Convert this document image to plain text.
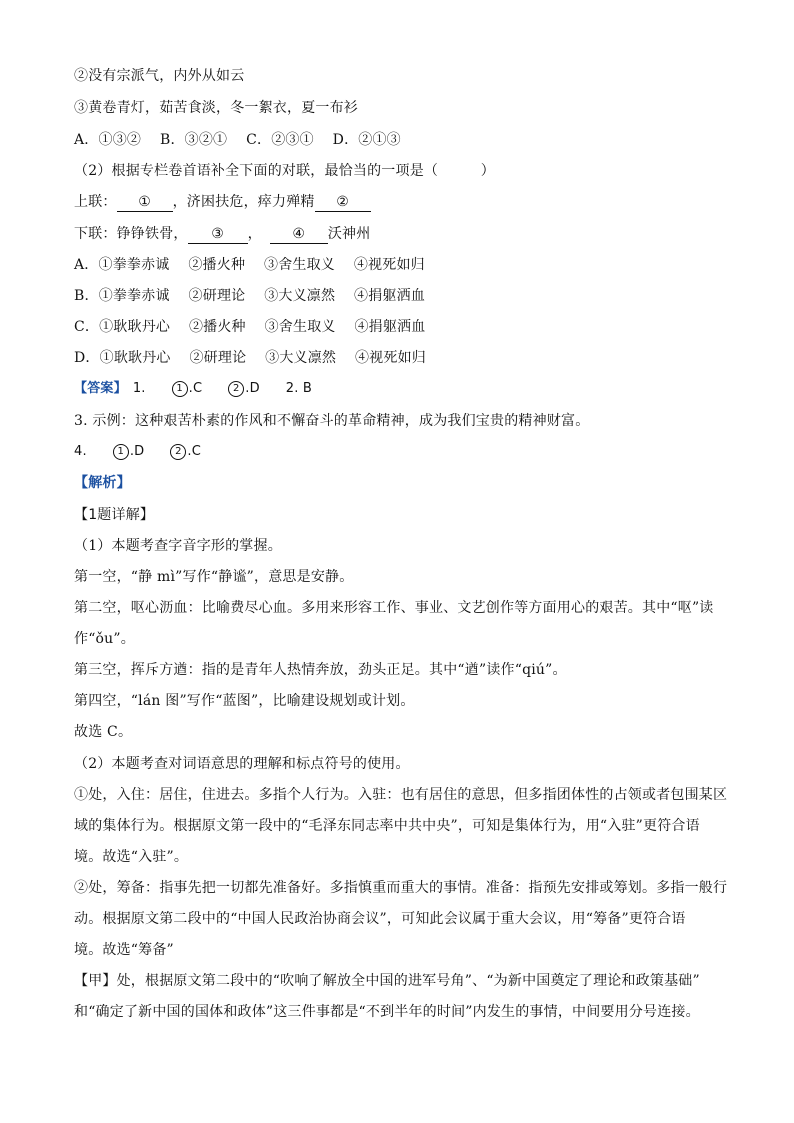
②没有宗派气，内外从如云
③黄卷青灯，茹苦食淡，冬一絮衣，夏一布衫
A．①③②　 B．③②①　 C．②③①　 D．②①③
（2）根据专栏卷首语补全下面的对联，最恰当的一项是（　　　）
上联： ① ，济困扶危，瘁力殚精 ②
下联：铮铮铁骨， ③ ， ④ 沃神州
A．①拳拳赤诚　 ②播火种　 ③舍生取义　 ④视死如归
B．①拳拳赤诚　 ②研理论　 ③大义凛然　 ④捐躯洒血
C．①耿耿丹心　 ②播火种　 ③舍生取义　 ④捐躯洒血
D．①耿耿丹心　 ②研理论　 ③大义凛然　 ④视死如归
【答案】 1.	1 .C	2 .D 2. B
3. 示例：这种艰苦朴素的作风和不懈奋斗的革命精神，成为我们宝贵的精神财富。
4.	1 .D	2 .C
【解析】
【1题详解】
（1）本题考查字音字形的掌握。
第一空，“静 mì”写作“静谧”，意思是安静。
第二空，呕心沥血：比喻费尽心血。多用来形容工作、事业、文艺创作等方面用心的艰苦。其中“呕”读
作“ǒu”。
第三空，挥斥方遒：指的是青年人热情奔放，劲头正足。其中“遒”读作“qiú”。
第四空，“lán 图”写作“蓝图”，比喻建设规划或计划。
故选 C。
（2）本题考查对词语意思的理解和标点符号的使用。
①处，入住：居住，住进去。多指个人行为。入驻：也有居住的意思，但多指团体性的占领或者包围某区
域的集体行为。根据原文第一段中的“毛泽东同志率中共中央”，可知是集体行为，用“入驻”更符合语
境。故选“入驻”。
②处，筹备：指事先把一切都先准备好。多指慎重而重大的事情。准备：指预先安排或筹划。多指一般行
动。根据原文第二段中的“中国人民政治协商会议”，可知此会议属于重大会议，用“筹备”更符合语
境。故选“筹备”
【甲】处，根据原文第二段中的“吹响了解放全中国的进军号角”、“为新中国奠定了理论和政策基础”
和“确定了新中国的国体和政体”这三件事都是“不到半年的时间”内发生的事情，中间要用分号连接。
